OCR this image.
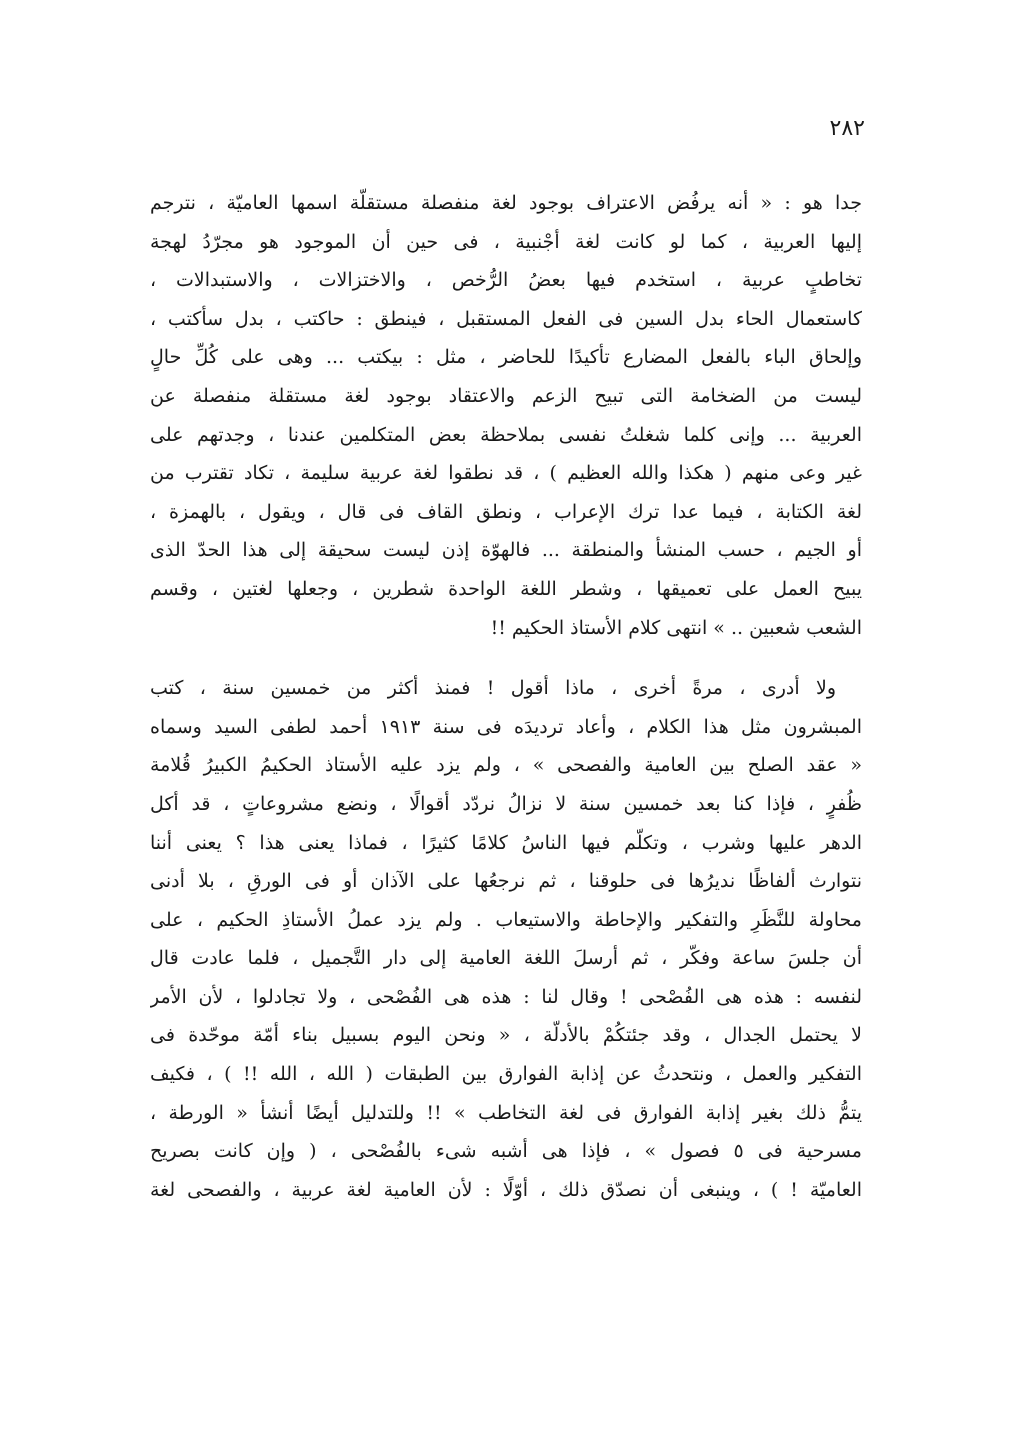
٢٨٢
جدا هو : « أنه يرفُض الاعتراف بوجود لغة منفصلة مستقلّة اسمها العاميّة ، نترجم
إليها العربية ، كما لو كانت لغة أجْنبية ، فى حين أن الموجود هو مجرّدُ لهجة
تخاطبٍ عربية ، استخدم فيها بعضُ الرُّخص ، والاختزالات ، والاستبدالات ،
كاستعمال الحاء بدل السين فى الفعل المستقبل ، فينطق : حاكتب ، بدل سأكتب ،
وإلحاق الباء بالفعل المضارع تأكيدًا للحاضر ، مثل : بيكتب ... وهى على كُلِّ حالٍ
ليست من الضخامة التى تبيح الزعم والاعتقاد بوجود لغة مستقلة منفصلة عن
العربية ... وإنى كلما شغلتُ نفسى بملاحظة بعض المتكلمين عندنا ، وجدتهم على
غير وعى منهم ( هكذا والله العظيم ) ، قد نطقوا لغة عربية سليمة ، تكاد تقترب من
لغة الكتابة ، فيما عدا ترك الإعراب ، ونطق القاف فى قال ، ويقول ، بالهمزة ،
أو الجيم ، حسب المنشأ والمنطقة ... فالهوّة إذن ليست سحيقة إلى هذا الحدّ الذى
يبيح العمل على تعميقها ، وشطر اللغة الواحدة شطرين ، وجعلها لغتين ، وقسم
الشعب شعبين .. » انتهى كلام الأستاذ الحكيم !!
ولا أدرى ، مرةً أخرى ، ماذا أقول ! فمنذ أكثر من خمسين سنة ، كتب
المبشرون مثل هذا الكلام ، وأعاد ترديدَه فى سنة ١٩١٣ أحمد لطفى السيد وسماه
« عقد الصلح بين العامية والفصحى » ، ولم يزد عليه الأستاذ الحكيمُ الكبيرُ قُلامة
ظُفرٍ ، فإذا كنا بعد خمسين سنة لا نزالُ نردّد أقوالًا ، ونضع مشروعاتٍ ، قد أكل
الدهر عليها وشرب ، وتكلّم فيها الناسُ كلامًا كثيرًا ، فماذا يعنى هذا ؟ يعنى أننا
نتوارث ألفاظًا نديرُها فى حلوقنا ، ثم نرجعُها على الآذان أو فى الورقِ ، بلا أدنى
محاولة للنَّظَرِ والتفكير والإحاطة والاستيعاب . ولم يزد عملُ الأستاذِ الحكيم ، على
أن جلسَ ساعة وفكّر ، ثم أرسلَ اللغة العامية إلى دار التَّجميل ، فلما عادت قال
لنفسه : هذه هى الفُصْحى ! وقال لنا : هذه هى الفُصْحى ، ولا تجادلوا ، لأن الأمر
لا يحتمل الجدال ، وقد جئتكُمْ بالأدلّة ، « ونحن اليوم بسبيل بناء أمّة موحّدة فى
التفكير والعمل ، ونتحدثُ عن إذابة الفوارق بين الطبقات ( الله ، الله !! ) ، فكيف
يتمُّ ذلك بغير إذابة الفوارق فى لغة التخاطب » !! وللتدليل أيضًا أنشأ « الورطة ،
مسرحية فى ٥ فصول » ، فإذا هى أشبه شىء بالفُصْحى ، ( وإن كانت بصريح
العاميّة ! ) ، وينبغى أن نصدّق ذلك ، أوّلًا : لأن العامية لغة عربية ، والفصحى لغة
